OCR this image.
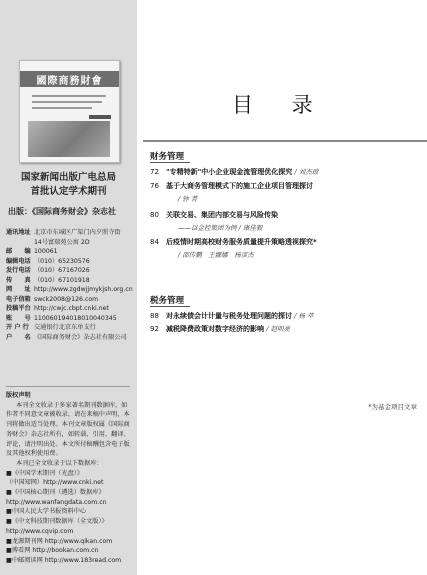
國際商務財會
国家新闻出版广电总局
首批认定学术期刊
出版：《国际商务财会》杂志社
通讯地址 北京市东城区广渠门内夕照寺街
14号富瑞苑公寓 2D
邮　　编 100061
编辑电话 （010）65230576
发行电话 （010）67167026
传　　真 （010）67101918
网　　址 http://www.zgdwjjmykjsh.org.cn
电子信箱 swck2008@126.com
投稿平台 http://cwjc.cbpt.cnki.net
账　　号 110060194018010040345
开 户 行 交通银行北京东单支行
户　　名 《国际商务财会》杂志社有限公司
版权声明
本刊全文收录于多家著名期刊数据库，如作者不同意文章被收录，请在来稿中声明，本刊将做出适当处理。本刊文章版权属《国际商务财会》杂志社所有，如转载、引用、翻译、评论，请注明出处。本文所付稿酬包含电子版及其他权利使用费。
本刊已全文收录于以下数据库：
■《中国学术期刊（光盘）》
（中国知网）http://www.cnki.net
■《中国核心期刊（遴选）数据库》
http://www.wanfangdata.com.cn
■中国人民大学书报资料中心
■《中文科技期刊数据库（全文版）》
http://www.cqvip.com
■龙源期刊网 http://www.qikan.com
■博看网 http://bookan.com.cn
■中邮阅读网 http://www.183read.com
目 录
财务管理
72 "专精特新"中小企业现金流管理优化探究 / 刘杰琼
76 基于大商务管理模式下的施工企业项目管理探讨
/ 钟 菁
80 关联交易、集团内部交易与风险传染
——以金控集团为例 / 康佳毅
84 后疫情时期高校财务服务质量提升策略透视探究*
/ 邵传鹏　王娜娜　杨彦杰
税务管理
88 对永续债会计计量与税务处理问题的探讨 / 杨 萃
92 减税降费政策对数字经济的影响 / 赵明亮
*为基金项目文章
